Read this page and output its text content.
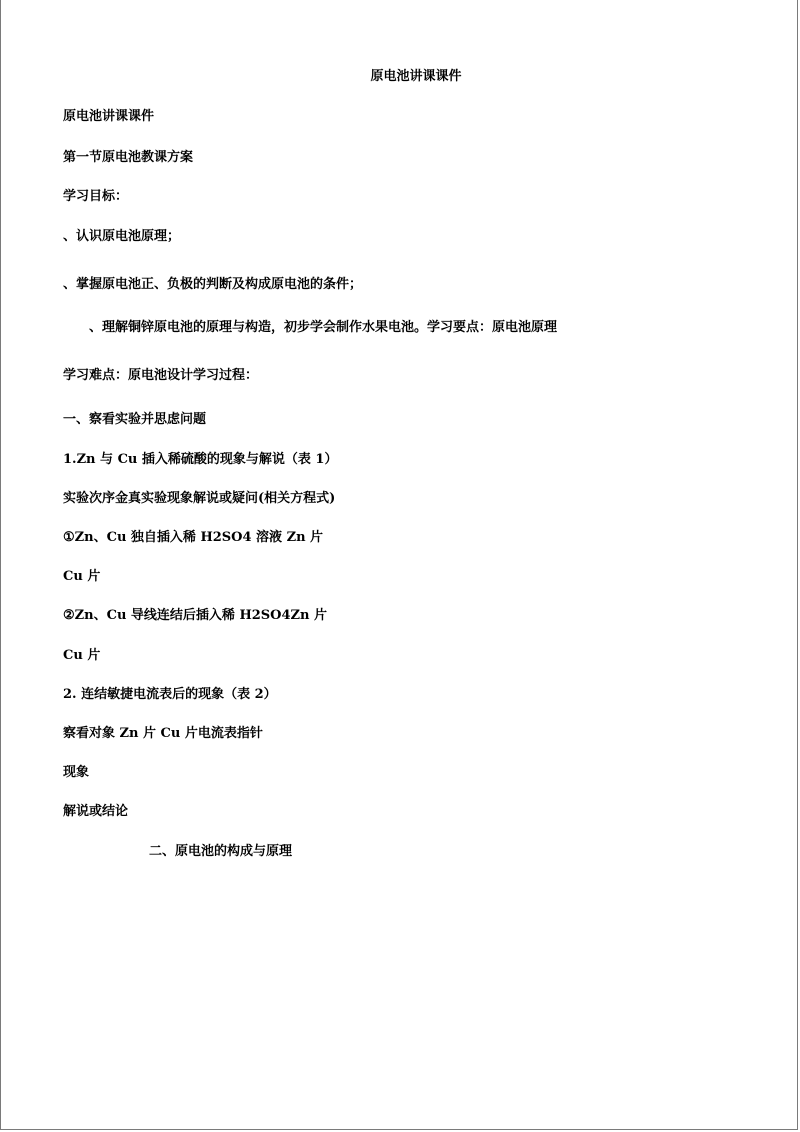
原电池讲课课件
原电池讲课课件
第一节原电池教课方案
学习目标：
、认识原电池原理；
、掌握原电池正、负极的判断及构成原电池的条件；
、理解铜锌原电池的原理与构造，初步学会制作水果电池。学习要点：原电池原理
学习难点：原电池设计学习过程：
一、察看实验并思虑问题
1.Zn 与 Cu 插入稀硫酸的现象与解说（表 1）
实验次序金真实验现象解说或疑问(相关方程式)
①Zn、Cu 独自插入稀 H2SO4 溶液 Zn 片
Cu 片
②Zn、Cu 导线连结后插入稀 H2SO4Zn 片
Cu 片
2. 连结敏捷电流表后的现象（表 2）
察看对象 Zn 片 Cu 片电流表指针
现象
解说或结论
二、原电池的构成与原理
